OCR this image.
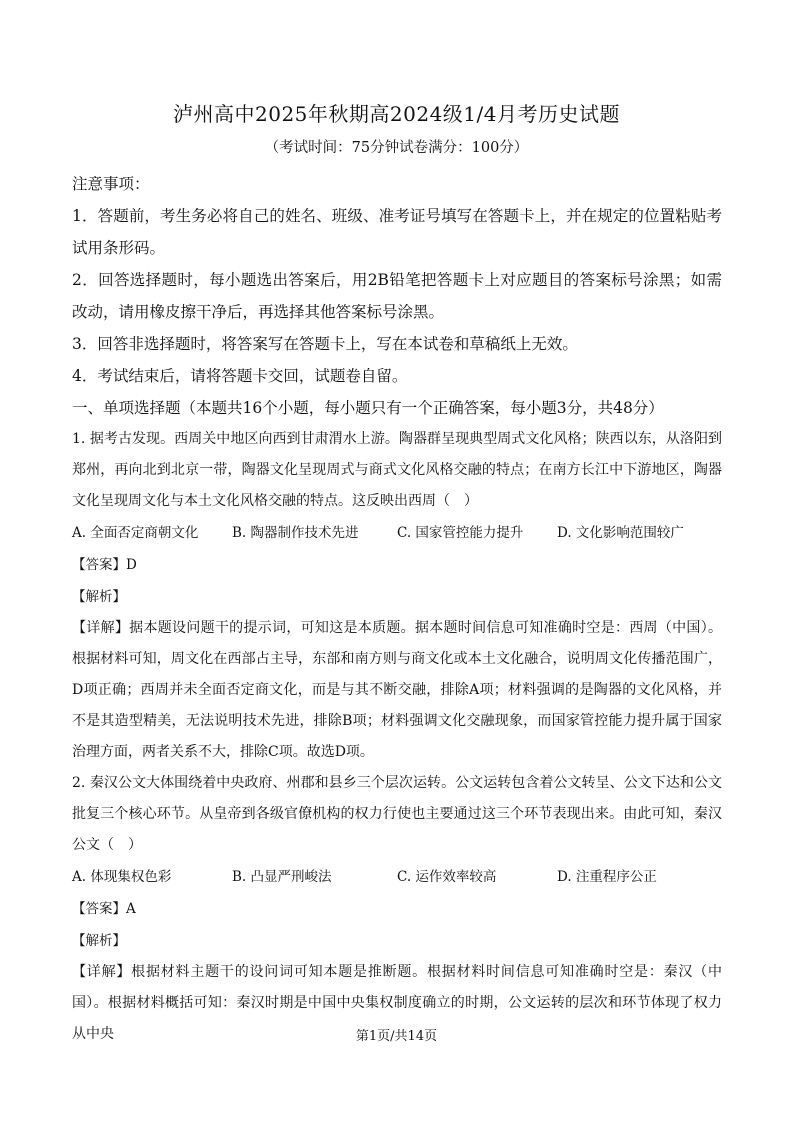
泸州高中2025年秋期高2024级1/4月考历史试题
（考试时间：75分钟试卷满分：100分）

注意事项：

1．答题前，考生务必将自己的姓名、班级、准考证号填写在答题卡上，并在规定的位置粘贴考试用条形码。

2．回答选择题时，每小题选出答案后，用2B铅笔把答题卡上对应题目的答案标号涂黑；如需改动，请用橡皮擦干净后，再选择其他答案标号涂黑。

3．回答非选择题时，将答案写在答题卡上，写在本试卷和草稿纸上无效。

4．考试结束后，请将答题卡交回，试题卷自留。

一、单项选择题（本题共16个小题，每小题只有一个正确答案，每小题3分，共48分）

1. 据考古发现。西周关中地区向西到甘肃渭水上游。陶器群呈现典型周式文化风格；陕西以东，从洛阳到郑州，再向北到北京一带，陶器文化呈现周式与商式文化风格交融的特点；在南方长江中下游地区，陶器文化呈现周文化与本土文化风格交融的特点。这反映出西周（　）

A. 全面否定商朝文化	B. 陶器制作技术先进	C. 国家管控能力提升	D. 文化影响范围较广
【答案】D
【解析】

【详解】据本题设问题干的提示词，可知这是本质题。据本题时间信息可知准确时空是：西周（中国）。根据材料可知，周文化在西部占主导，东部和南方则与商文化或本土文化融合，说明周文化传播范围广，D项正确；西周并未全面否定商文化，而是与其不断交融，排除A项；材料强调的是陶器的文化风格，并不是其造型精美，无法说明技术先进，排除B项；材料强调文化交融现象，而国家管控能力提升属于国家治理方面，两者关系不大，排除C项。故选D项。

2. 秦汉公文大体围绕着中央政府、州郡和县乡三个层次运转。公文运转包含着公文转呈、公文下达和公文批复三个核心环节。从皇帝到各级官僚机构的权力行使也主要通过这三个环节表现出来。由此可知，秦汉公文（　）

A. 体现集权色彩	B. 凸显严刑峻法	C. 运作效率较高	D. 注重程序公正
【答案】A
【解析】

【详解】根据材料主题干的设问词可知本题是推断题。根据材料时间信息可知准确时空是：秦汉（中国）。根据材料概括可知：秦汉时期是中国中央集权制度确立的时期，公文运转的层次和环节体现了权力从中央	第1页/共14页
